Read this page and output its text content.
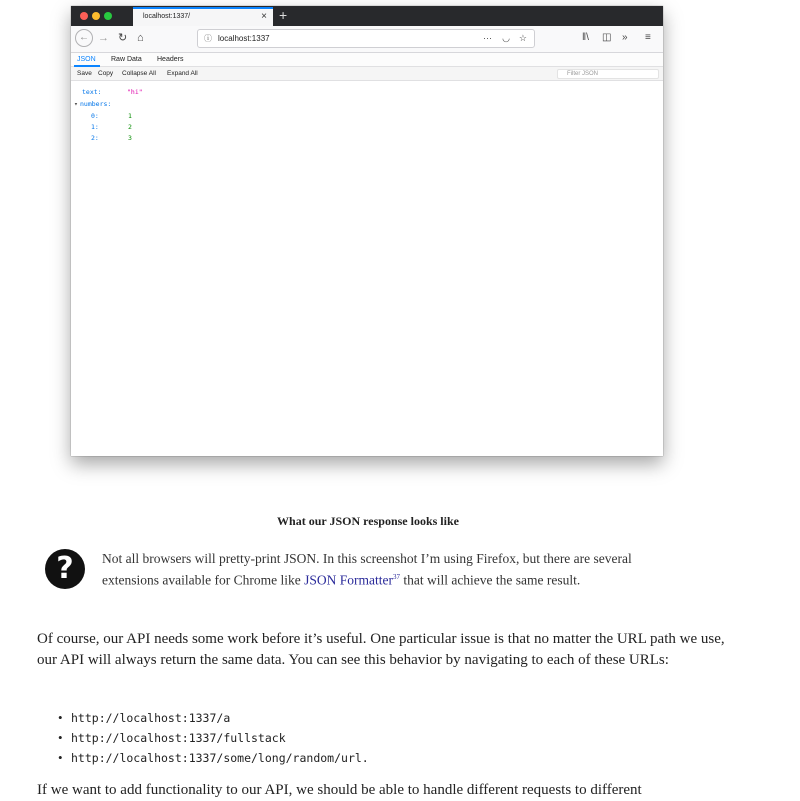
localhost:1337/	× +
← → ↻ ⌂	ⓘ localhost:1337	··· ◡ ☆	‖\ ◫ » ≡
JSON Raw Data Headers
Save Copy Collapse All Expand All	Filter JSON
text:	"hi"
▾ numbers:
0:	1
1:	2
2:	3
What our JSON response looks like
?	Not all browsers will pretty-print JSON. In this screenshot I’m using Firefox, but there are several extensions available for Chrome like JSON Formatter$^{37}$ that will achieve the same result.
Of course, our API needs some work before it’s useful. One particular issue is that no matter the URL path we use, our API will always return the same data. You can see this behavior by navigating to each of these URLs:
• http://localhost:1337/a
• http://localhost:1337/fullstack
• http://localhost:1337/some/long/random/url.
If we want to add functionality to our API, we should be able to handle different requests to different
